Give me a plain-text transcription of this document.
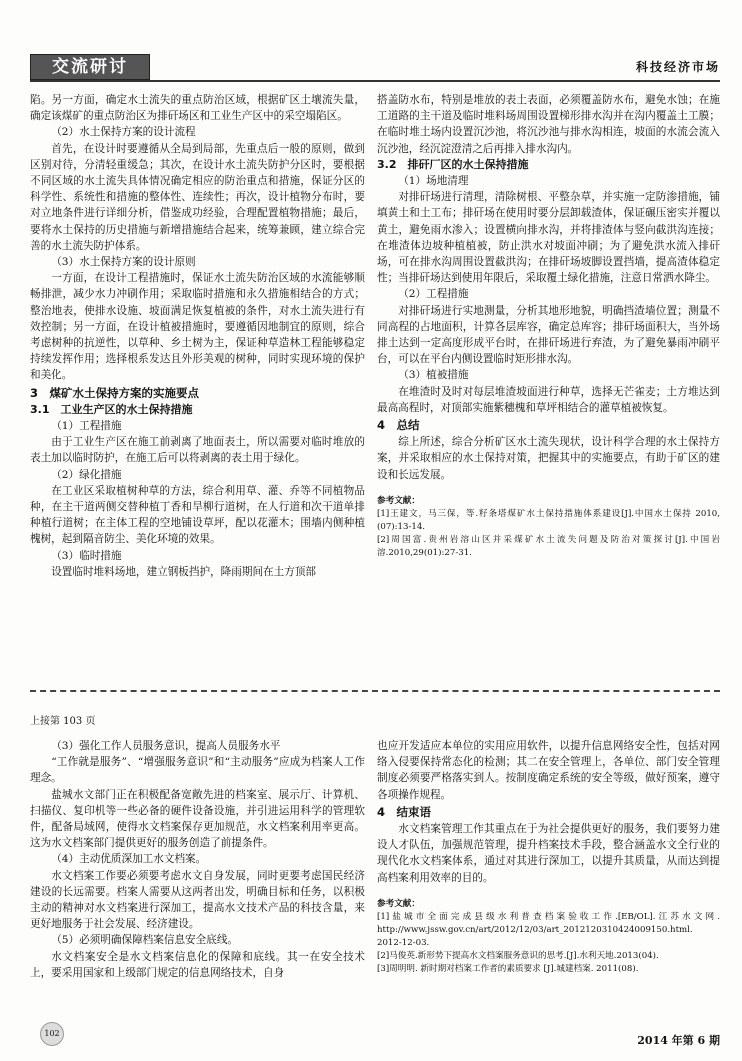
交流研讨	科技经济市场

陷。另一方面，确定水土流失的重点防治区域，根据矿区土壤流失量，确定该煤矿的重点防治区为排矸场区和工业生产区中的采空塌陷区。

（2）水土保持方案的设计流程

首先，在设计时要遵循从全局到局部，先重点后一般的原则，做到区别对待，分清轻重缓急；其次，在设计水土流失防护分区时，要根据不同区域的水土流失具体情况确定相应的防治重点和措施，保证分区的科学性、系统性和措施的整体性、连续性；再次，设计植物分布时，要对立地条件进行详细分析，借鉴成功经验，合理配置植物措施；最后，要将水土保持的历史措施与新增措施结合起来，统筹兼顾，建立综合完善的水土流失防护体系。

（3）水土保持方案的设计原则

一方面，在设计工程措施时，保证水土流失防治区域的水流能够顺畅排泄，减少水力冲刷作用；采取临时措施和永久措施相结合的方式；整治地表，使排水设施、坡面满足恢复植被的条件，对水土流失进行有效控制；另一方面，在设计植被措施时，要遵循因地制宜的原则，综合考虑树种的抗逆性，以草种、乡土树为主，保证种草造林工程能够稳定持续发挥作用；选择根系发达且外形美观的树种，同时实现环境的保护和美化。

3　煤矿水土保持方案的实施要点

3.1　工业生产区的水土保持措施

（1）工程措施

由于工业生产区在施工前剥离了地面表土，所以需要对临时堆放的表土加以临时防护，在施工后可以将剥离的表土用于绿化。

（2）绿化措施

在工业区采取植树种草的方法，综合利用草、灌、乔等不同植物品种，在主干道两侧交替种植丁香和旱柳行道树，在人行道和次干道单排种植行道树；在主体工程的空地铺设草坪，配以花灌木；围墙内侧种植槐树，起到隔音防尘、美化环境的效果。

（3）临时措施

设置临时堆料场地，建立钢板挡护，降雨期间在土方顶部

搭盖防水布，特别是堆放的表土表面，必须覆盖防水布，避免水蚀；在施工道路的主干道及临时堆料场周围设置梯形排水沟并在沟内覆盖土工膜；在临时堆土场内设置沉沙池，将沉沙池与排水沟相连，坡面的水流会流入沉沙池，经沉淀澄清之后再排入排水沟内。

3.2　排矸厂区的水土保持措施

（1）场地清理

对排矸场进行清理，清除树根、平整杂草，并实施一定防渗措施，铺填黄土和土工布；排矸场在使用时要分层卸载渣体，保证碾压密实并覆以黄土，避免雨水渗入；设置横向排水沟，并将排渣体与竖向截洪沟连接；在堆渣体边坡种植植被，防止洪水对坡面冲刷；为了避免洪水流入排矸场，可在排水沟周围设置截洪沟；在排矸场坡脚设置挡墙，提高渣体稳定性；当排矸场达到使用年限后，采取覆土绿化措施，注意日常洒水降尘。

（2）工程措施

对排矸场进行实地测量，分析其地形地貌，明确挡渣墙位置；测量不同高程的占地面积，计算各层库容，确定总库容；排矸场面积大，当外场排土达到一定高度形成平台时，在排矸场进行弃渣，为了避免暴雨冲刷平台，可以在平台内侧设置临时矩形排水沟。

（3）植被措施

在堆渣时及时对每层堆渣坡面进行种草，选择无芒雀麦；土方堆达到最高高程时，对顶部实施紫穗槐和草坪相结合的灌草植被恢复。

4　总结

综上所述，综合分析矿区水土流失现状，设计科学合理的水土保持方案，并采取相应的水土保持对策，把握其中的实施要点，有助于矿区的建设和长远发展。

参考文献：

[1]王建文，马三保，等.籽条塔煤矿水土保持措施体系建设[J].中国水土保持 2010,(07):13-14.

[2]周国富.贵州岩溶山区并采煤矿水土流失问题及防治对策探讨[J].中国岩溶.2010,29(01):27-31.

上接第 103 页

（3）强化工作人员服务意识，提高人员服务水平

“工作就是服务”、“增强服务意识”和“主动服务”应成为档案人工作理念。

盐城水文部门正在积极配备宽敞先进的档案室、展示厅、计算机、扫描仪、复印机等一些必备的硬件设备设施，并引进运用科学的管理软件，配备局域网，使得水文档案保存更加规范，水文档案利用率更高。这为水文档案部门提供更好的服务创造了前提条件。

（4）主动优质深加工水文档案。

水文档案工作要必须要考虑水文自身发展，同时更要考虑国民经济建设的长远需要。档案人需要从这两者出发，明确目标和任务，以积极主动的精神对水文档案进行深加工，提高水文技术产品的科技含量，来更好地服务于社会发展、经济建设。

（5）必须明确保障档案信息安全底线。

水文档案安全是水文档案信息化的保障和底线。其一在安全技术上，要采用国家和上级部门规定的信息网络技术，自身

也应开发适应本单位的实用应用软件，以提升信息网络安全性，包括对网络入侵要保持常态化的检测；其二在安全管理上，各单位、部门安全管理制度必须要严格落实到人。按制度确定系统的安全等级，做好预案，遵守各项操作规程。

4　结束语

水文档案管理工作其重点在于为社会提供更好的服务，我们要努力建设人才队伍，加强规范管理，提升档案技术手段，整合涵盖水文全行业的现代化水文档案体系，通过对其进行深加工，以提升其质量，从而达到提高档案利用效率的目的。

参考文献：

[1]盐城市全面完成县级水利普查档案验收工作.[EB/OL].江苏水文网. http://www.jssw.gov.cn/art/2012/12/03/art_2012120310424009150.html. 2012-12-03.

[2]马俊英.新形势下提高水文档案服务意识的思考.[J].水利天地.2013(04).

[3]周明明. 新时期对档案工作者的素质要求 [J].城建档案. 2011(08).

102
2014 年第 6 期
